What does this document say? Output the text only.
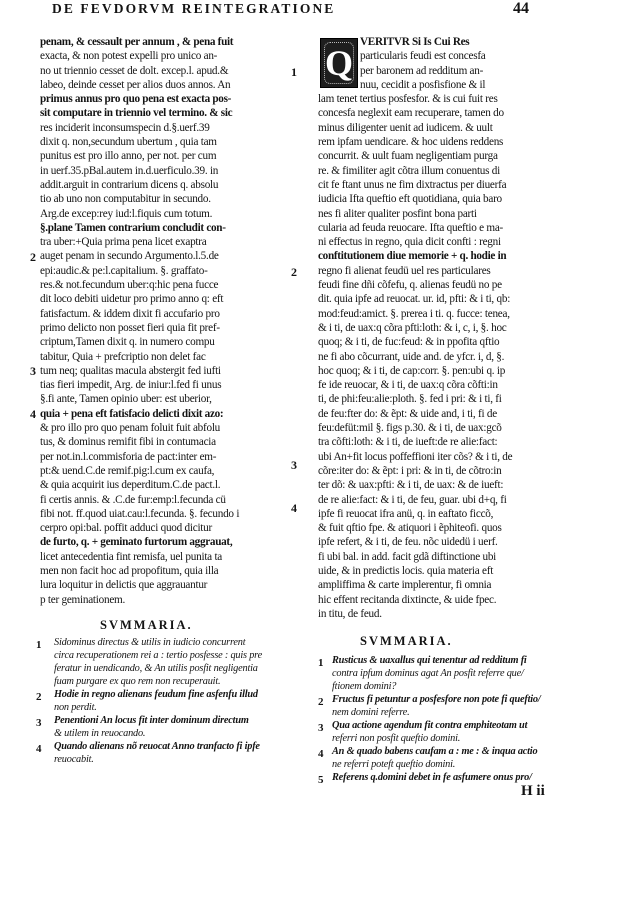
DE FEVDORVM REINTEGRATIONE	44
penam, & cessault per annum , & pena fuit
exacta, & non potest expelli pro unico an-
no ut triennio cesset de dolt. excep.l. apud.&
labeo, deinde cesset per alios duos annos. An
primus annus pro quo pena est exacta pos-
sit computare in triennio vel termino. & sic
res inciderit inconsumspecin d.§.uerf.39
dixit q. non,secundum ubertum , quia tam
punitus est pro illo anno, per not. per cum
in uerf.35.pBal.autem in.d.uerficulo.39. in
addit.arguit in contrarium dicens q. absolu
tio ab uno non computabitur in secundo.
Arg.de excep:rey iud:l.fiquis cum totum.
§.plane Tamen contrarium concludit con-
tra uber:+Quia prima pena licet exaptra
auget penam in secundo Argumento.l.5.de
epi:audic.& pe:l.capitalium. §. graffato-
res.& not.fecundum uber:q:hic pena fucce
dit loco debiti uidetur pro primo anno q: eft
fatisfactum. & iddem dixit fi accufario pro
primo delicto non posset fieri quia fit pref-
criptum,Tamen dixit q. in numero compu
tabitur, Quia + prefcriptio non delet fac
tum neq; qualitas macula abstergit fed iufti
tias fieri impedit, Arg. de iniur:l.fed fi unus
§.fi ante, Tamen opinio uber: est uberior,
quia + pena eft fatisfacio delicti dixit azo:
& pro illo pro quo penam foluit fuit abfolu
tus, & dominus remifit fibi in contumacia
per not.in.l.commisforia de pact:inter em-
pt:& uend.C.de remif.pig:l.cum ex caufa,
& quia acquirit ius deperditum.C.de pact.l.
fi certis annis. & .C.de fur:emp:l.fecunda cü
fibi not. ff.quod uiat.cau:l.fecunda. §. fecundo i
cerpro opi:bal. poffit adduci quod dicitur
de furto, q. + geminato furtorum aggrauat,
licet antecedentia fint remisfa, uel punita ta
men non facit hoc ad propofitum, quia illa
lura loquitur in delictis que aggrauantur
p ter geminationem.
2
3
4
Q
VERITVR Si Is Cui Res
particularis feudi est concesfa
per baronem ad redditum an-
nuu, cecidit a posfisfione & il
lam tenet tertius posfesfor. & is cui fuit res
concesfa neglexit eam recuperare, tamen do
minus diligenter uenit ad iudicem. & uult
rem ipfam uendicare. & hoc uidens reddens
concurrit. & uult fuam negligentiam purga
re. & fimiliter agit cõtra illum conuentus di
cit fe ftant unus ne fim dixtractus per diuerfa
iudicia Ifta queftio eft quotidiana, quia baro
nes fi aliter qualiter posfint bona parti
cularia ad feuda reuocare. Ifta queftio e ma-
ni effectus in regno, quia dicit confti : regni
conftitutionem diue memorie + q. hodie in
regno fi alienat feudü uel res particulares
feudi fine dñi cõfefu, q. alienas feudü no pe
dit. quia ipfe ad reuocat. ur. id, pfti: & i ti, qb:
mod:feud:amict. §. prerea i ti. q. fucce: tenea,
& i ti, de uax:q cõra pfti:loth: & i, c, i, §. hoc
quoq; & i ti, de fuc:feud: & in ppofita qftio
ne fi abo cõcurrant, uide and. de yfcr. i, d, §.
hoc quoq; & i ti, de cap:corr. §. pen:ubi q. ip
fe ide reuocar, & i ti, de uax:q cõra cõfti:in
ti, de phi:feu:alie:ploth. §. fed i pri: & i ti, fi
de feu:fter do: & ẽpt: & uide and, i ti, fi de
feu:defüt:mil §. figs p.30. & i ti, de uax:gcõ
tra cõfti:loth: & i ti, de iueft:de re alie:fact:
ubi An+fit locus poffeffioni iter cõs? & i ti, de
cõre:iter do: & ẽpt: i pri: & in ti, de cõtro:in
ter dõ: & uax:pfti: & i ti, de uax: & de iueft:
de re alie:fact: & i ti, de feu, guar. ubi d+q, fi
ipfe fi reuocat ifra anü, q. in eaftato ficcõ,
& fuit qftio fpe. & atiquori i ẽphiteofi. quos
ipfe refert, & i ti, de feu. nõc uidedü i uerf.
fi ubi bal. in add. facit gdã diftinctione ubi
uide, & in predictis locis. quia materia eft
ampliffima & carte implerentur, fi omnia
hic effent recitanda dixtincte, & uide fpec.
in titu, de feud.
1
2
3
4
SVMMARIA.
1
2
3
4
Sidominus directus & utilis in iudicio concurrent
circa recuperationem rei a : tertio posfesse : quis pre
feratur in uendicando, & An utilis posfit negligentia
fuam purgare ex quo rem non recuperauit.
Hodie in regno alienans feudum fine asfenfu illud
non perdit.
Penentioni An locus fit inter dominum directum
& utilem in reuocando.
Quando alienans nõ reuocat Anno tranfacto fi ipfe
reuocabit.
SVMMARIA.
1
2
3
4
5
Rusticus & uaxallus qui tenentur ad redditum fi
contra ipfum dominus agat An posfit referre que/
ftionem domini?
Fructus fi petuntur a posfesfore non pote fi queftio/
nem domini referre.
Qua actione agendum fit contra emphiteotam ut
referri non posfit queftio domini.
An & quado babens caufam a : me : & inqua actio
ne referri poteft queftio domini.
Referens q.domini debet in fe asfumere onus pro/
H ii
